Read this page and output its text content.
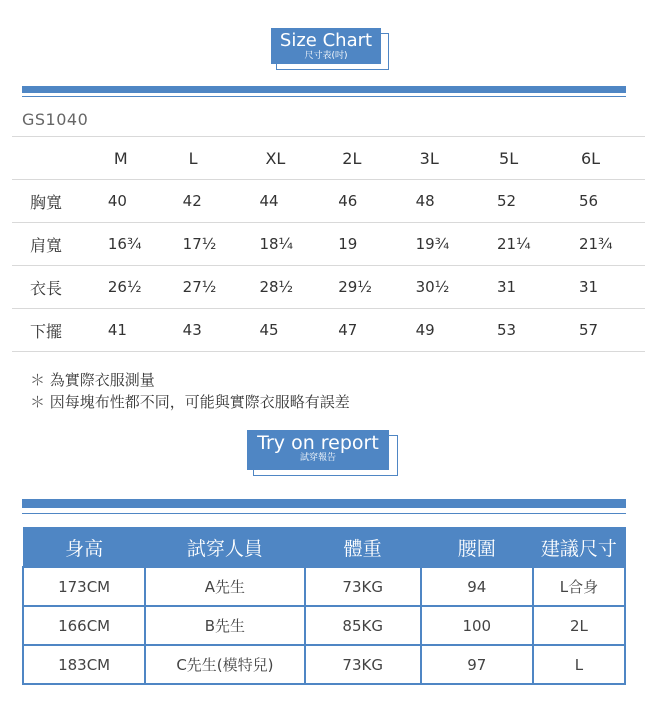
Size Chart
尺寸表(吋)
GS1040
	M	L	XL	2L	3L	5L	6L
胸寬	40	42	44	46	48	52	56
肩寬	16¾	17½	18¼	19	19¾	21¼	21¾
衣長	26½	27½	28½	29½	30½	31	31
下擺	41	43	45	47	49	53	57
＊ 為實際衣服測量
＊ 因每塊布性都不同，可能與實際衣服略有誤差
Try on report
試穿報告
身高	試穿人員	體重	腰圍	建議尺寸
173CM	A先生	73KG	94	L合身
166CM	B先生	85KG	100	2L
183CM	C先生(模特兒)	73KG	97	L
